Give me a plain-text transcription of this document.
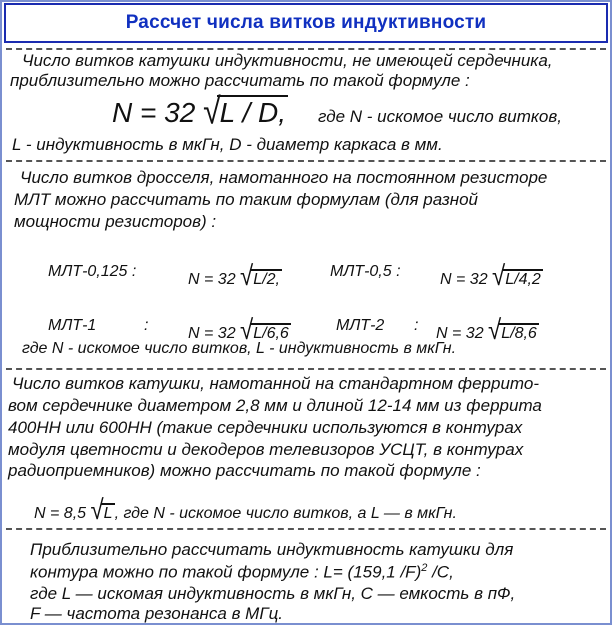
Рассчет числа витков индуктивности
Число витков катушки индуктивности, не имеющей сердечника,
приблизительно можно рассчитать по такой формуле :
N = 32 √L / D, где N - искомое число витков,
L - индуктивность в мкГн, D - диаметр каркаса в мм.
Число витков дросселя, намотанного на постоянном резисторе
МЛТ можно рассчитать по таким формулам (для разной
мощности резисторов) :
МЛТ-0,125 :	N = 32 √L/2,	МЛТ-0,5 : N = 32 √L/4,2
МЛТ-1	: N = 32 √L/6,6	МЛТ-2 : N = 32 √L/8,6
где N - искомое число витков, L - индуктивность в мкГн.
Число витков катушки, намотанной на стандартном феррито-
вом сердечнике диаметром 2,8 мм и длиной 12-14 мм из феррита
400НН или 600НН (такие сердечники используются в контурах
модуля цветности и декодеров телевизоров УСЦТ, в контурах
радиоприемников) можно рассчитать по такой формуле :
N = 8,5 √L , где N - искомое число витков, а L — в мкГн.
Приблизительно рассчитать индуктивность катушки для
контура можно по такой формуле : L= (159,1 /F)$^2$ /С,
где L — искомая индуктивность в мкГн, С — емкость в пФ,
F — частота резонанса в МГц.
